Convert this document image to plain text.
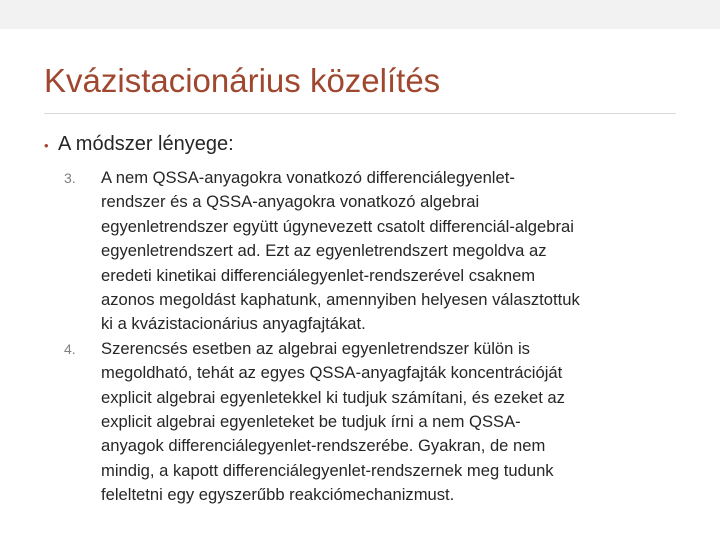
Kvázistacionárius közelítés
• A módszer lényege:
3.	A nem QSSA-anyagokra vonatkozó differenciálegyenlet-
rendszer és a QSSA-anyagokra vonatkozó algebrai
egyenletrendszer együtt úgynevezett csatolt differenciál-algebrai
egyenletrendszert ad. Ezt az egyenletrendszert megoldva az
eredeti kinetikai differenciálegyenlet-rendszerével csaknem
azonos megoldást kaphatunk, amennyiben helyesen választottuk
ki a kvázistacionárius anyagfajtákat.
4.	Szerencsés esetben az algebrai egyenletrendszer külön is
megoldható, tehát az egyes QSSA-anyagfajták koncentrációját
explicit algebrai egyenletekkel ki tudjuk számítani, és ezeket az
explicit algebrai egyenleteket be tudjuk írni a nem QSSA-
anyagok differenciálegyenlet-rendszerébe. Gyakran, de nem
mindig, a kapott differenciálegyenlet-rendszernek meg tudunk
feleltetni egy egyszerűbb reakciómechanizmust.
